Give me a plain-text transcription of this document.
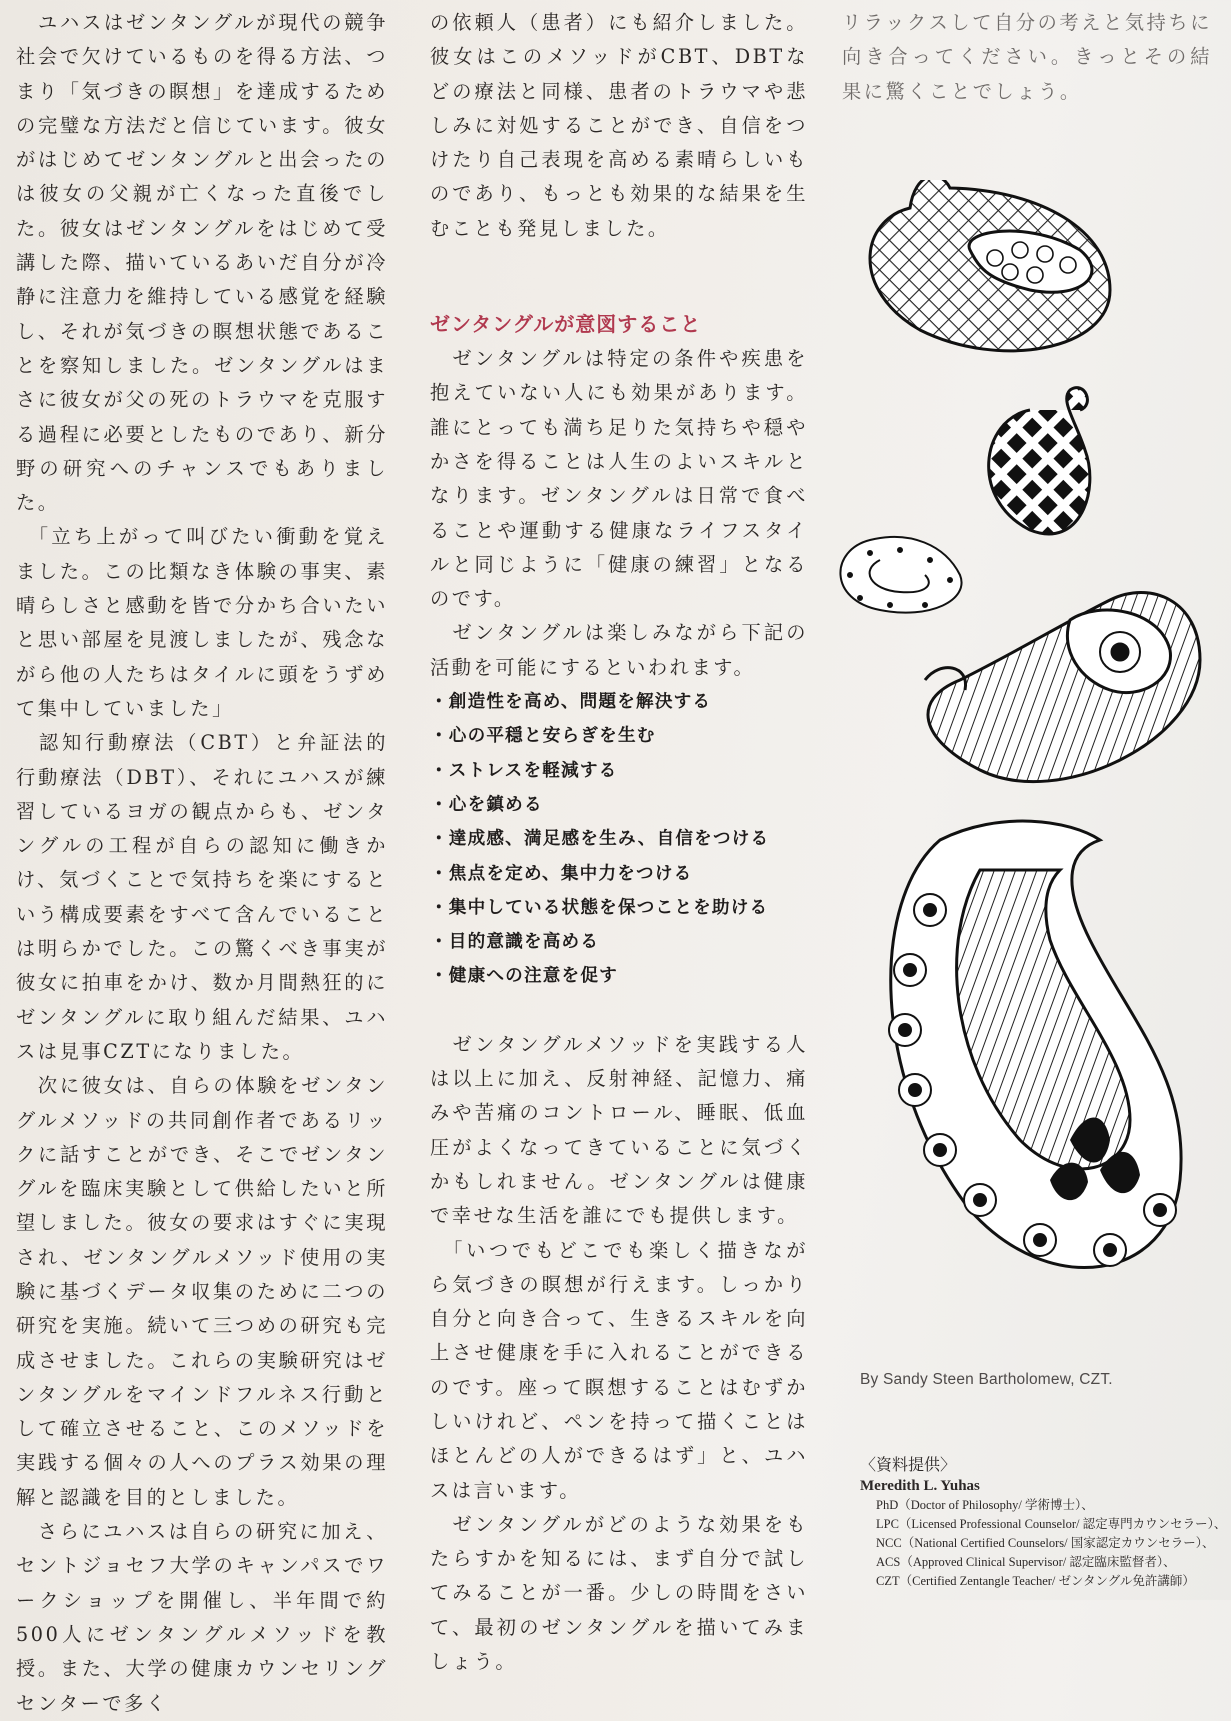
　ユハスはゼンタングルが現代の競争社会で欠けているものを得る方法、つまり「気づきの瞑想」を達成するための完璧な方法だと信じています。彼女がはじめてゼンタングルと出会ったのは彼女の父親が亡くなった直後でした。彼女はゼンタングルをはじめて受講した際、描いているあいだ自分が冷静に注意力を維持している感覚を経験し、それが気づきの瞑想状態であることを察知しました。ゼンタングルはまさに彼女が父の死のトラウマを克服する過程に必要としたものであり、新分野の研究へのチャンスでもありました。

　「立ち上がって叫びたい衝動を覚えました。この比類なき体験の事実、素晴らしさと感動を皆で分かち合いたいと思い部屋を見渡しましたが、残念ながら他の人たちはタイルに頭をうずめて集中していました」

　認知行動療法（CBT）と弁証法的行動療法（DBT）、それにユハスが練習しているヨガの観点からも、ゼンタングルの工程が自らの認知に働きかけ、気づくことで気持ちを楽にするという構成要素をすべて含んでいることは明らかでした。この驚くべき事実が彼女に拍車をかけ、数か月間熱狂的にゼンタングルに取り組んだ結果、ユハスは見事CZTになりました。

　次に彼女は、自らの体験をゼンタングルメソッドの共同創作者であるリックに話すことができ、そこでゼンタングルを臨床実験として供給したいと所望しました。彼女の要求はすぐに実現され、ゼンタングルメソッド使用の実験に基づくデータ収集のために二つの研究を実施。続いて三つめの研究も完成させました。これらの実験研究はゼンタングルをマインドフルネス行動として確立させること、このメソッドを実践する個々の人へのプラス効果の理解と認識を目的としました。

　さらにユハスは自らの研究に加え、セントジョセフ大学のキャンパスでワークショップを開催し、半年間で約500人にゼンタングルメソッドを教授。また、大学の健康カウンセリングセンターで多く

の依頼人（患者）にも紹介しました。彼女はこのメソッドがCBT、DBTなどの療法と同様、患者のトラウマや悲しみに対処することができ、自信をつけたり自己表現を高める素晴らしいものであり、もっとも効果的な結果を生むことも発見しました。

ゼンタングルが意図すること

　ゼンタングルは特定の条件や疾患を抱えていない人にも効果があります。誰にとっても満ち足りた気持ちや穏やかさを得ることは人生のよいスキルとなります。ゼンタングルは日常で食べることや運動する健康なライフスタイルと同じように「健康の練習」となるのです。

　ゼンタングルは楽しみながら下記の活動を可能にするといわれます。

・ 創造性を高め、問題を解決する
・ 心の平穏と安らぎを生む
・ ストレスを軽減する
・ 心を鎮める
・ 達成感、満足感を生み、自信をつける
・ 焦点を定め、集中力をつける
・ 集中している状態を保つことを助ける
・ 目的意識を高める
・ 健康への注意を促す

　ゼンタングルメソッドを実践する人は以上に加え、反射神経、記憶力、痛みや苦痛のコントロール、睡眠、低血圧がよくなってきていることに気づくかもしれません。ゼンタングルは健康で幸せな生活を誰にでも提供します。

　「いつでもどこでも楽しく描きながら気づきの瞑想が行えます。しっかり自分と向き合って、生きるスキルを向上させ健康を手に入れることができるのです。座って瞑想することはむずかしいけれど、ペンを持って描くことはほとんどの人ができるはず」と、ユハスは言います。

　ゼンタングルがどのような効果をもたらすかを知るには、まず自分で試してみることが一番。少しの時間をさいて、最初のゼンタングルを描いてみましょう。

リラックスして自分の考えと気持ちに向き合ってください。きっとその結果に驚くことでしょう。

By Sandy Steen Bartholomew, CZT.
〈資料提供〉
Meredith L. Yuhas
PhD（Doctor of Philosophy/ 学術博士）、
LPC（Licensed Professional Counselor/ 認定専門カウンセラー）、
NCC（National Certified Counselors/ 国家認定カウンセラー）、
ACS（Approved Clinical Supervisor/ 認定臨床監督者）、
CZT（Certified Zentangle Teacher/ ゼンタングル免許講師）
